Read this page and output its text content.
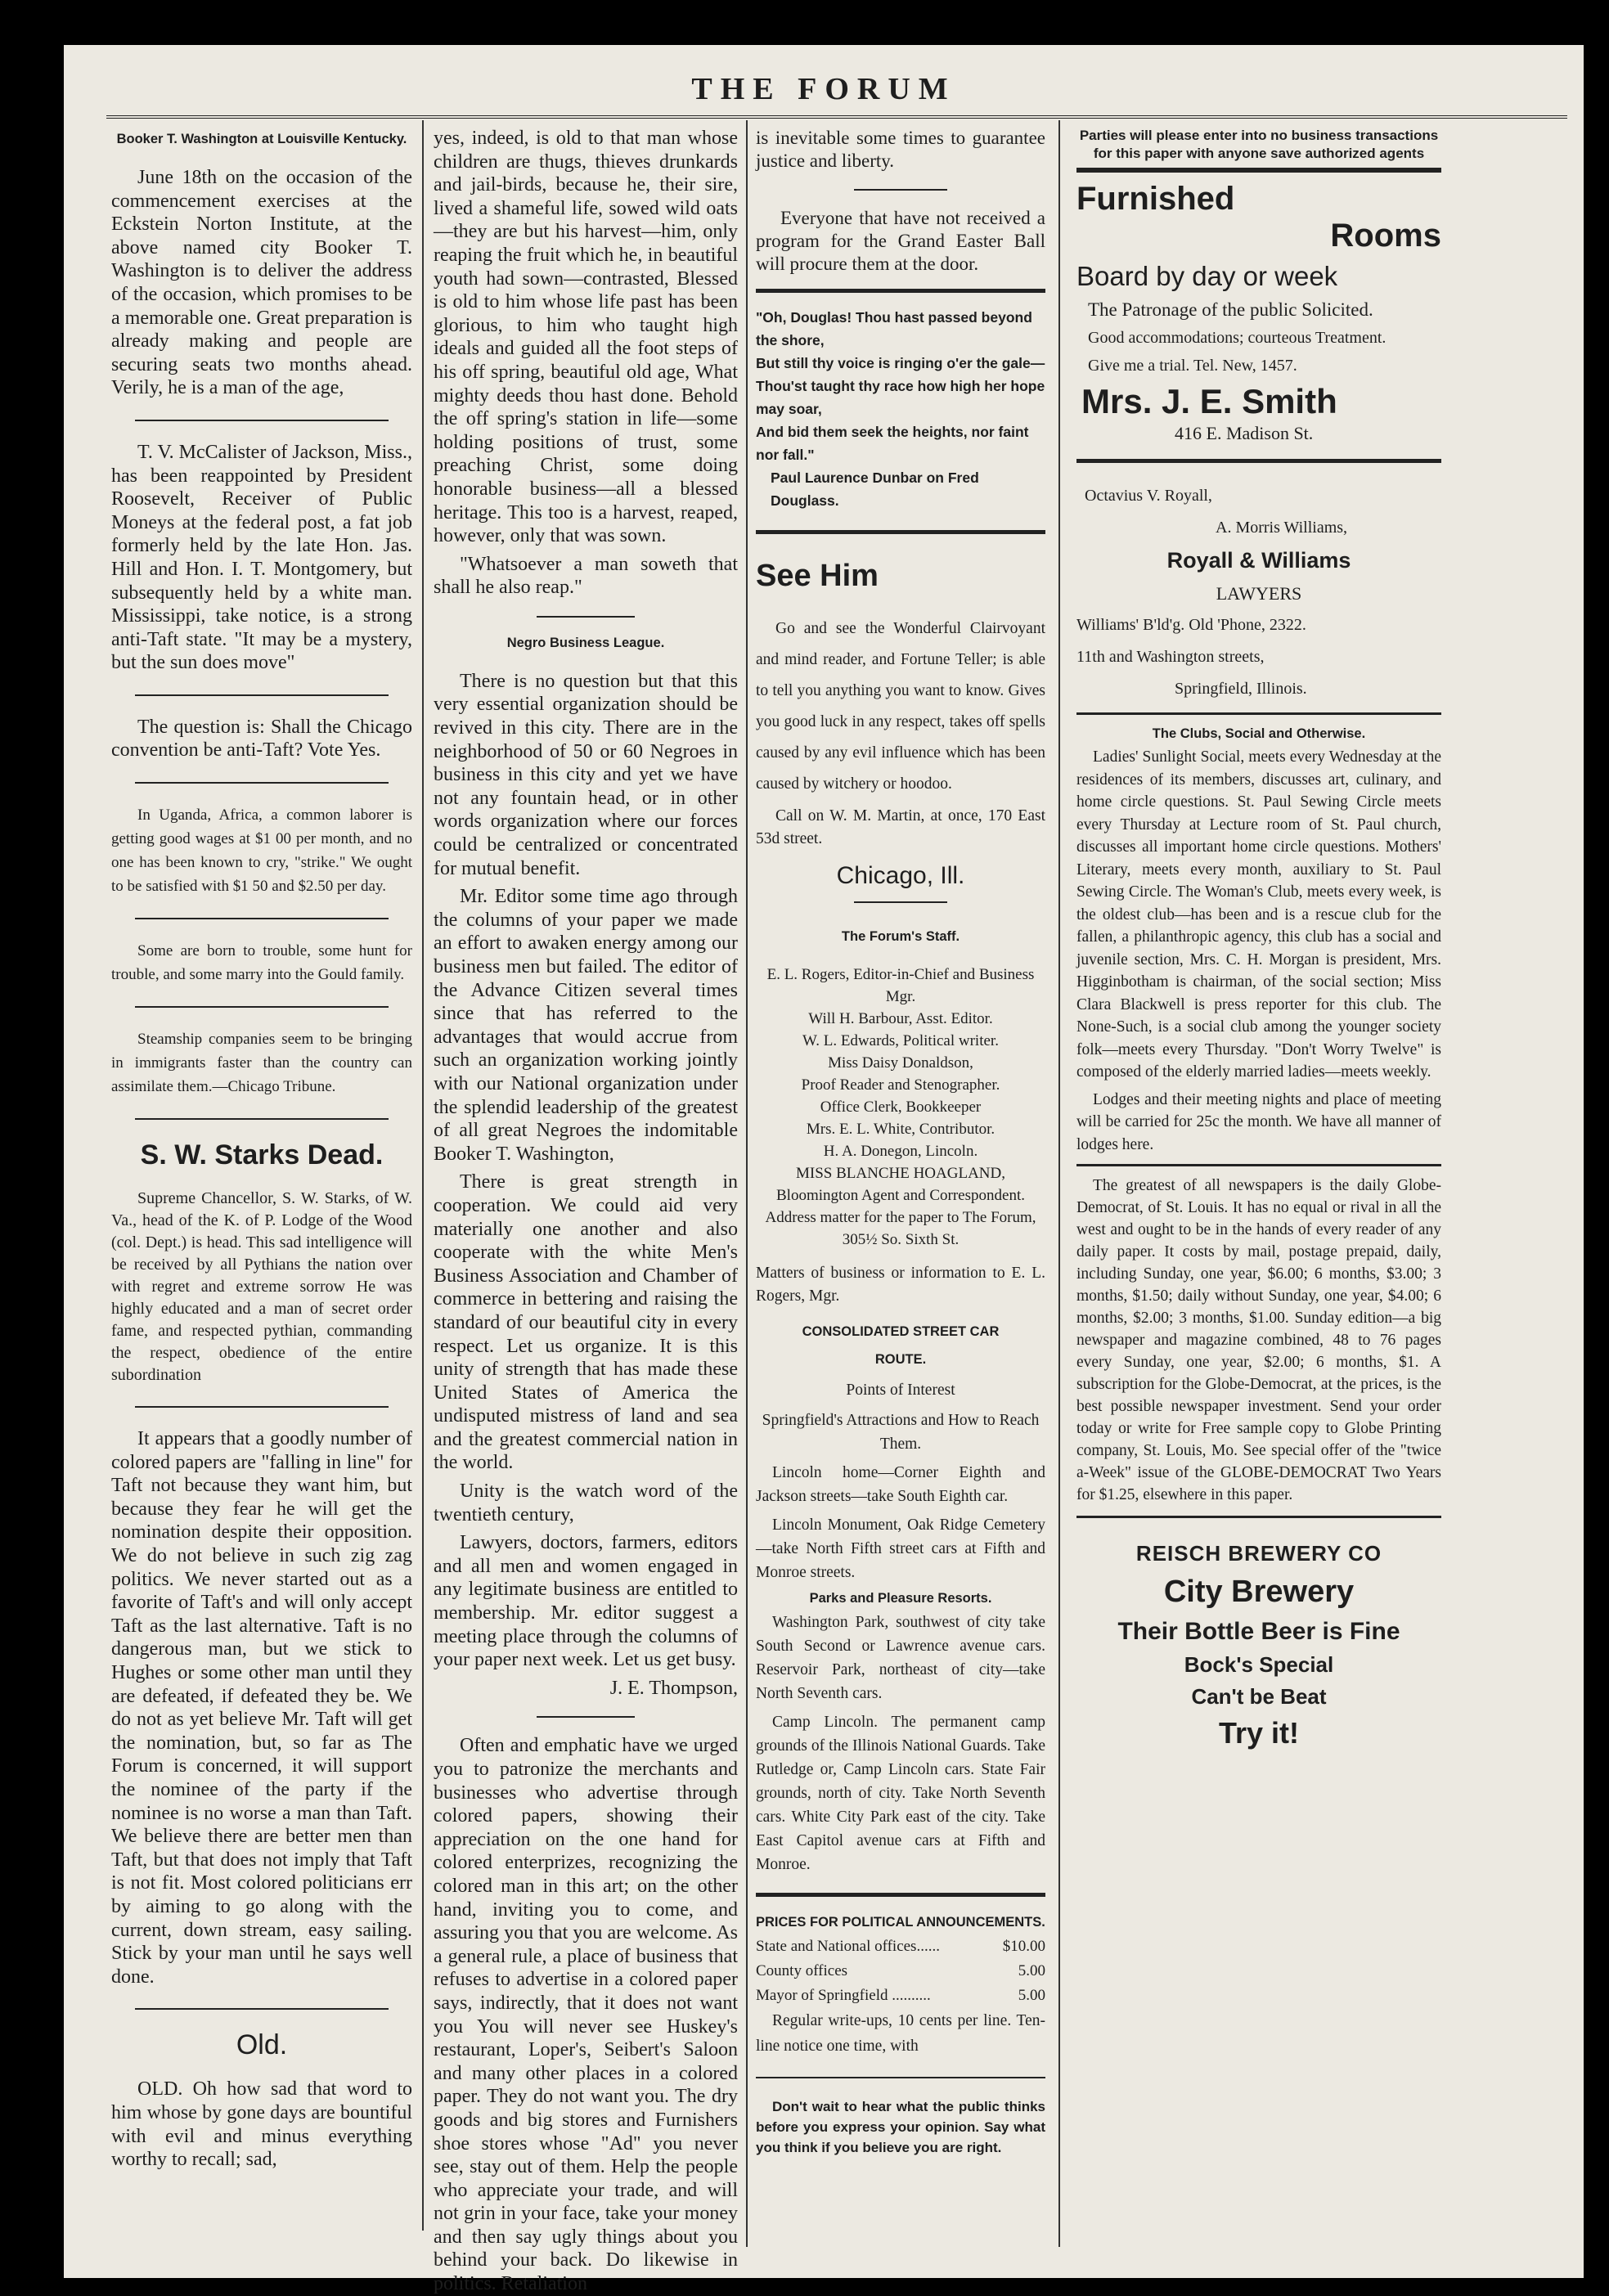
THE FORUM
Booker T. Washington at Louisville Kentucky.

June 18th on the occasion of the commencement exercises at the Eckstein Norton Institute, at the above named city Booker T. Washington is to deliver the address of the occasion, which promises to be a memorable one. Great preparation is already making and people are securing seats two months ahead. Verily, he is a man of the age,

T. V. McCalister of Jackson, Miss., has been reappointed by President Roosevelt, Receiver of Public Moneys at the federal post, a fat job formerly held by the late Hon. Jas. Hill and Hon. I. T. Montgomery, but subsequently held by a white man. Mississippi, take notice, is a strong anti-Taft state. "It may be a mystery, but the sun does move"

The question is: Shall the Chicago convention be anti-Taft? Vote Yes.

In Uganda, Africa, a common laborer is getting good wages at $1 00 per month, and no one has been known to cry, "strike." We ought to be satisfied with $1 50 and $2.50 per day.

Some are born to trouble, some hunt for trouble, and some marry into the Gould family.

Steamship companies seem to be bringing in immigrants faster than the country can assimilate them.—Chicago Tribune.

S. W. Starks Dead.

Supreme Chancellor, S. W. Starks, of W. Va., head of the K. of P. Lodge of the Wood (col. Dept.) is head. This sad intelligence will be received by all Pythians the nation over with regret and extreme sorrow He was highly educated and a man of secret order fame, and respected pythian, commanding the respect, obedience of the entire subordination

It appears that a goodly number of colored papers are "falling in line" for Taft not because they want him, but because they fear he will get the nomination despite their opposition. We do not believe in such zig zag politics. We never started out as a favorite of Taft's and will only accept Taft as the last alternative. Taft is no dangerous man, but we stick to Hughes or some other man until they are defeated, if defeated they be. We do not as yet believe Mr. Taft will get the nomination, but, so far as The Forum is concerned, it will support the nominee of the party if the nominee is no worse a man than Taft. We believe there are better men than Taft, but that does not imply that Taft is not fit. Most colored politicians err by aiming to go along with the current, down stream, easy sailing. Stick by your man until he says well done.

Old.

OLD. Oh how sad that word to him whose by gone days are bountiful with evil and minus everything worthy to recall; sad,

yes, indeed, is old to that man whose children are thugs, thieves drunkards and jail-birds, because he, their sire, lived a shameful life, sowed wild oats—they are but his harvest—him, only reaping the fruit which he, in beautiful youth had sown—contrasted, Blessed is old to him whose life past has been glorious, to him who taught high ideals and guided all the foot steps of his off spring, beautiful old age, What mighty deeds thou hast done. Behold the off spring's station in life—some holding positions of trust, some preaching Christ, some doing honorable business—all a blessed heritage. This too is a harvest, reaped, however, only that was sown.

"Whatsoever a man soweth that shall he also reap."

Negro Business League.

There is no question but that this very essential organization should be revived in this city. There are in the neighborhood of 50 or 60 Negroes in business in this city and yet we have not any fountain head, or in other words organization where our forces could be centralized or concentrated for mutual benefit.

Mr. Editor some time ago through the columns of your paper we made an effort to awaken energy among our business men but failed. The editor of the Advance Citizen several times since that has referred to the advantages that would accrue from such an organization working jointly with our National organization under the splendid leadership of the greatest of all great Negroes the indomitable Booker T. Washington,

There is great strength in cooperation. We could aid very materially one another and also cooperate with the white Men's Business Association and Chamber of commerce in bettering and raising the standard of our beautiful city in every respect. Let us organize. It is this unity of strength that has made these United States of America the undisputed mistress of land and sea and the greatest commercial nation in the world.

Unity is the watch word of the twentieth century,

Lawyers, doctors, farmers, editors and all men and women engaged in any legitimate business are entitled to membership. Mr. editor suggest a meeting place through the columns of your paper next week. Let us get busy.

J. E. Thompson,

Often and emphatic have we urged you to patronize the merchants and businesses who advertise through colored papers, showing their appreciation on the one hand for colored enterprizes, recognizing the colored man in this art; on the other hand, inviting you to come, and assuring you that you are welcome. As a general rule, a place of business that refuses to advertise in a colored paper says, indirectly, that it does not want you You will never see Huskey's restaurant, Loper's, Seibert's Saloon and many other places in a colored paper. They do not want you. The dry goods and big stores and Furnishers shoe stores whose "Ad" you never see, stay out of them. Help the people who appreciate your trade, and will not grin in your face, take your money and then say ugly things about you behind your back. Do likewise in politics. Retaliation

is inevitable some times to guarantee justice and liberty.

Everyone that have not received a program for the Grand Easter Ball will procure them at the door.

"Oh, Douglas! Thou hast passed beyond the shore,
But still thy voice is ringing o'er the gale—
Thou'st taught thy race how high her hope may soar,
And bid them seek the heights, nor faint nor fall."
Paul Laurence Dunbar on Fred Douglass.
See Him

Go and see the Wonderful Clairvoyant and mind reader, and Fortune Teller; is able to tell you anything you want to know. Gives you good luck in any respect, takes off spells caused by any evil influence which has been caused by witchery or hoodoo.

Call on W. M. Martin, at once, 170 East 53d street.

Chicago, Ill.
The Forum's Staff.

E. L. Rogers, Editor-in-Chief and Business Mgr.

Will H. Barbour, Asst. Editor.

W. L. Edwards, Political writer.

Miss Daisy Donaldson,

Proof Reader and Stenographer.

Office Clerk, Bookkeeper

Mrs. E. L. White, Contributor.

H. A. Donegon, Lincoln.

MISS BLANCHE HOAGLAND,

Bloomington Agent and Correspondent.

Address matter for the paper to The Forum, 305½ So. Sixth St.

Matters of business or information to E. L. Rogers, Mgr.

CONSOLIDATED STREET CAR
ROUTE.

Points of Interest

Springfield's Attractions and How to Reach Them.

Lincoln home—Corner Eighth and Jackson streets—take South Eighth car.

Lincoln Monument, Oak Ridge Cemetery—take North Fifth street cars at Fifth and Monroe streets.

Parks and Pleasure Resorts.

Washington Park, southwest of city take South Second or Lawrence avenue cars. Reservoir Park, northeast of city—take North Seventh cars.

Camp Lincoln. The permanent camp grounds of the Illinois National Guards. Take Rutledge or, Camp Lincoln cars. State Fair grounds, north of city. Take North Seventh cars. White City Park east of the city. Take East Capitol avenue cars at Fifth and Monroe.

PRICES FOR POLITICAL ANNOUNCEMENTS.
State and National offices......	$10.00
County offices	5.00
Mayor of Springfield ..........	5.00

Regular write-ups, 10 cents per line. Ten-line notice one time, with

Don't wait to hear what the public thinks before you express your opinion. Say what you think if you believe you are right.

Parties will please enter into no business transactions for this paper with anyone save authorized agents

Furnished
Rooms
Board by day or week

The Patronage of the public Solicited.

Good accommodations; courteous Treatment.

Give me a trial. Tel. New, 1457.

Mrs. J. E. Smith

416 E. Madison St.

Octavius V. Royall,

A. Morris Williams,

Royall & Williams

LAWYERS

Williams' B'ld'g. Old 'Phone, 2322.

11th and Washington streets,

Springfield, Illinois.

The Clubs, Social and Otherwise.

Ladies' Sunlight Social, meets every Wednesday at the residences of its members, discusses art, culinary, and home circle questions. St. Paul Sewing Circle meets every Thursday at Lecture room of St. Paul church, discusses all important home circle questions. Mothers' Literary, meets every month, auxiliary to St. Paul Sewing Circle. The Woman's Club, meets every week, is the oldest club—has been and is a rescue club for the fallen, a philanthropic agency, this club has a social and juvenile section, Mrs. C. H. Morgan is president, Mrs. Higginbotham is chairman, of the social section; Miss Clara Blackwell is press reporter for this club. The None-Such, is a social club among the younger society folk—meets every Thursday. "Don't Worry Twelve" is composed of the elderly married ladies—meets weekly.

Lodges and their meeting nights and place of meeting will be carried for 25c the month. We have all manner of lodges here.

The greatest of all newspapers is the daily Globe-Democrat, of St. Louis. It has no equal or rival in all the west and ought to be in the hands of every reader of any daily paper. It costs by mail, postage prepaid, daily, including Sunday, one year, $6.00; 6 months, $3.00; 3 months, $1.50; daily without Sunday, one year, $4.00; 6 months, $2.00; 3 months, $1.00. Sunday edition—a big newspaper and magazine combined, 48 to 76 pages every Sunday, one year, $2.00; 6 months, $1. A subscription for the Globe-Democrat, at the prices, is the best possible newspaper investment. Send your order today or write for Free sample copy to Globe Printing company, St. Louis, Mo. See special offer of the "twice a-Week" issue of the GLOBE-DEMOCRAT Two Years for $1.25, elsewhere in this paper.

REISCH BREWERY CO
City Brewery
Their Bottle Beer is Fine
Bock's Special
Can't be Beat
Try it!
